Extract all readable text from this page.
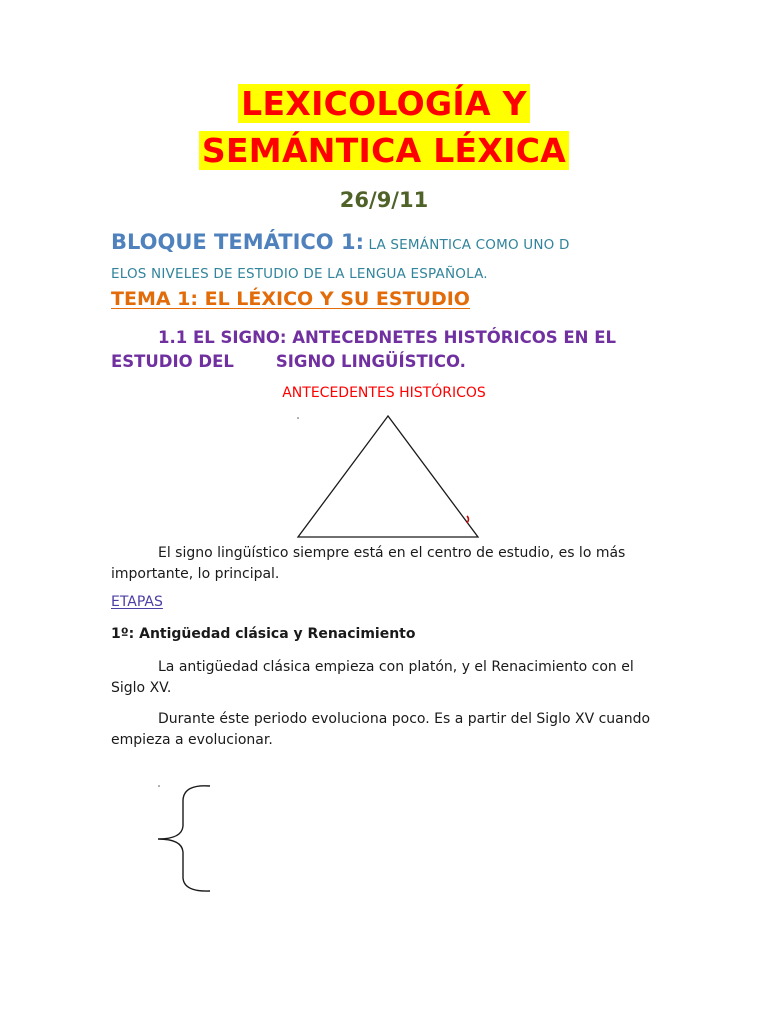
LEXICOLOGÍA Y
SEMÁNTICA LÉXICA
26/9/11
BLOQUE TEMÁTICO 1: LA SEMÁNTICA COMO UNO D
ELOS NIVELES DE ESTUDIO DE LA LENGUA ESPAÑOLA.
TEMA 1: EL LÉXICO Y SU ESTUDIO
1.1 EL SIGNO: ANTECEDNETES HISTÓRICOS EN EL
ESTUDIO DEL	SIGNO LINGÜÍSTICO.
ANTECEDENTES HISTÓRICOS
El signo lingüístico siempre está en el centro de estudio, es lo más importante, lo principal.
ETAPAS
1º: Antigüedad clásica y Renacimiento
La antigüedad clásica empieza con platón, y el Renacimiento con el Siglo XV.
Durante éste periodo evoluciona poco. Es a partir del Siglo XV cuando empieza a evolucionar.
